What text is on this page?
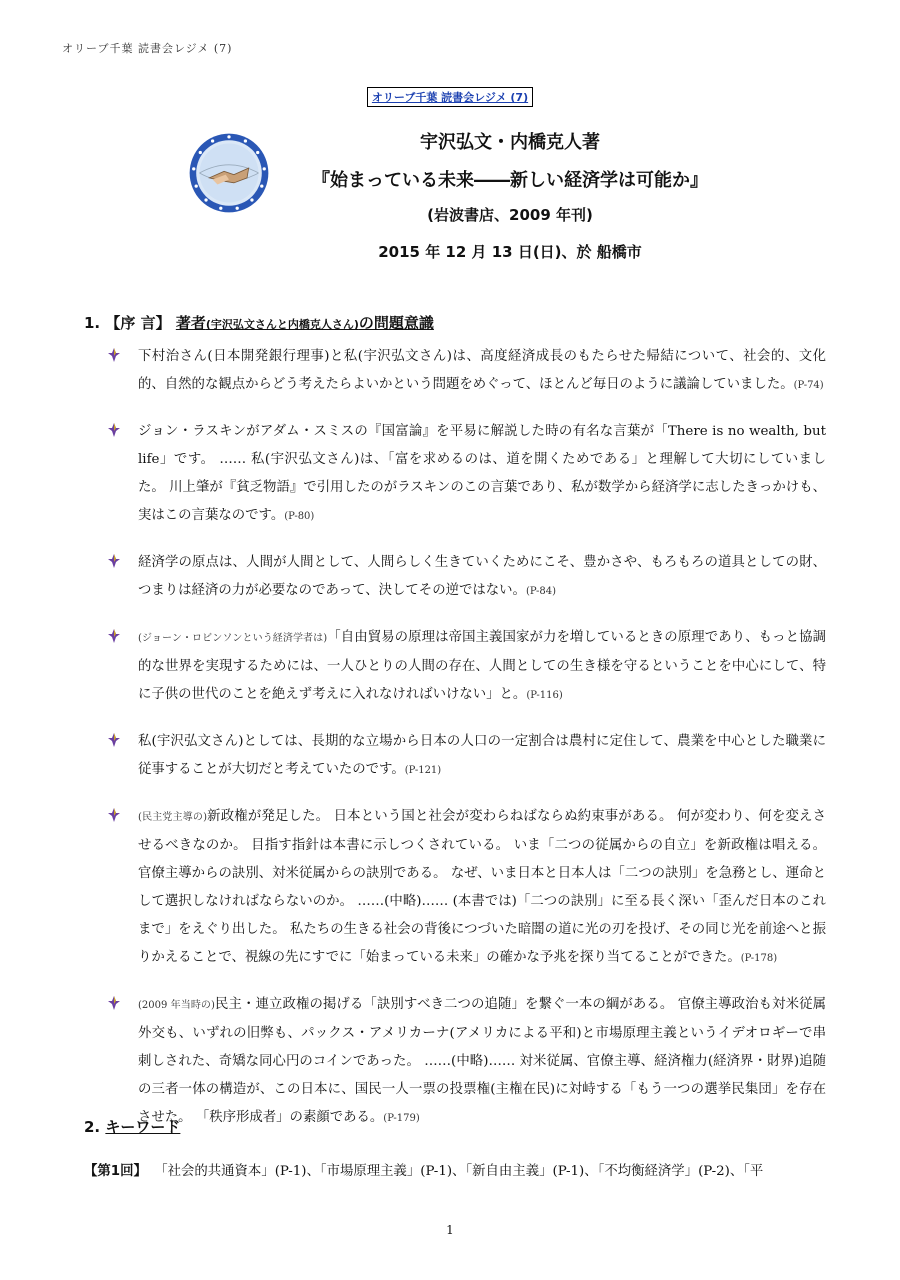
オリーブ千葉 読書会レジメ (7)
オリーブ千葉 読書会レジメ (7)

宇沢弘文・内橋克人著

『始まっている未来――新しい経済学は可能か』

(岩波書店、2009 年刊)

2015 年 12 月 13 日(日)、於 船橋市

1. 【序 言】 著者(宇沢弘文さんと内橋克人さん)の問題意識

下村治さん(日本開発銀行理事)と私(宇沢弘文さん)は、高度経済成長のもたらせた帰結について、社会的、文化的、自然的な観点からどう考えたらよいかという問題をめぐって、ほとんど毎日のように議論していました。(P-74)

ジョン・ラスキンがアダム・スミスの『国富論』を平易に解説した時の有名な言葉が「There is no wealth, but life」です。 …… 私(宇沢弘文さん)は、「富を求めるのは、道を開くためである」と理解して大切にしていました。 川上肇が『貧乏物語』で引用したのがラスキンのこの言葉であり、私が数学から経済学に志したきっかけも、実はこの言葉なのです。(P-80)

経済学の原点は、人間が人間として、人間らしく生きていくためにこそ、豊かさや、もろもろの道具としての財、つまりは経済の力が必要なのであって、決してその逆ではない。(P-84)

(ジョーン・ロビンソンという経済学者は)「自由貿易の原理は帝国主義国家が力を増しているときの原理であり、もっと協調的な世界を実現するためには、一人ひとりの人間の存在、人間としての生き様を守るということを中心にして、特に子供の世代のことを絶えず考えに入れなければいけない」と。(P-116)

私(宇沢弘文さん)としては、長期的な立場から日本の人口の一定割合は農村に定住して、農業を中心とした職業に従事することが大切だと考えていたのです。(P-121)

(民主党主導の)新政権が発足した。 日本という国と社会が変わらねばならぬ約束事がある。 何が変わり、何を変えさせるべきなのか。 目指す指針は本書に示しつくされている。 いま「二つの従属からの自立」を新政権は唱える。 官僚主導からの訣別、対米従属からの訣別である。 なぜ、いま日本と日本人は「二つの訣別」を急務とし、運命として選択しなければならないのか。 ……(中略)…… (本書では)「二つの訣別」に至る長く深い「歪んだ日本のこれまで」をえぐり出した。 私たちの生きる社会の背後につづいた暗闇の道に光の刃を投げ、その同じ光を前途へと振りかえることで、視線の先にすでに「始まっている未来」の確かな予兆を探り当てることができた。(P-178)

(2009 年当時の)民主・連立政権の掲げる「訣別すべき二つの追随」を繋ぐ一本の綱がある。 官僚主導政治も対米従属外交も、いずれの旧弊も、パックス・アメリカーナ(アメリカによる平和)と市場原理主義というイデオロギーで串刺しされた、奇矯な同心円のコインであった。 ……(中略)…… 対米従属、官僚主導、経済権力(経済界・財界)追随の三者一体の構造が、この日本に、国民一人一票の投票権(主権在民)に対峙する「もう一つの選挙民集団」を存在させた。 「秩序形成者」の素顔である。(P-179)

2. キーワード
【第1回】 「社会的共通資本」(P-1)、「市場原理主義」(P-1)、「新自由主義」(P-1)、「不均衡経済学」(P-2)、「平
1
